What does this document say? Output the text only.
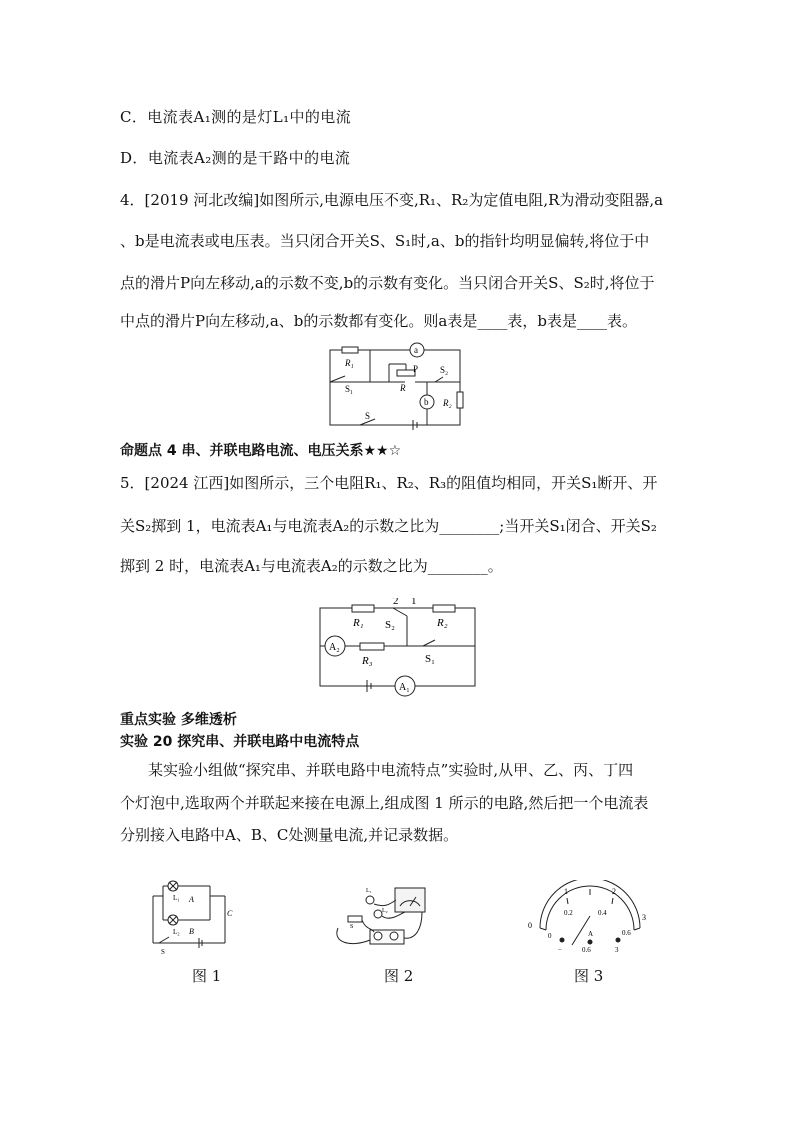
C．电流表A₁测的是灯L₁中的电流
D．电流表A₂测的是干路中的电流
4．[2019 河北改编]如图所示,电源电压不变,R₁、R₂为定值电阻,R为滑动变阻器,a
、b是电流表或电压表。当只闭合开关S、S₁时,a、b的指针均明显偏转,将位于中
点的滑片P向左移动,a的示数不变,b的示数有变化。当只闭合开关S、S₂时,将位于
中点的滑片P向左移动,a、b的示数都有变化。则a表是____表，b表是____表。
R₁
S₁
P
R
S₂
R₂
a
b
S
命题点 4 串、并联电路电流、电压关系★★☆
5．[2024 江西]如图所示，三个电阻R₁、R₂、R₃的阻值均相同，开关S₁断开、开
关S₂掷到 1，电流表A₁与电流表A₂的示数之比为________;当开关S₁闭合、开关S₂
掷到 2 时，电流表A₁与电流表A₂的示数之比为________。
2 1
R₁ S₂	R₂
R₃	S₁
A₂
A₁
重点实验 多维透析
实验 20 探究串、并联电路中电流特点
某实验小组做“探究串、并联电路中电流特点”实验时,从甲、乙、丙、丁四
个灯泡中,选取两个并联起来接在电源上,组成图 1 所示的电路,然后把一个电流表
分别接入电路中A、B、C处测量电流,并记录数据。
A
B
C
L₁
L₂
S
图 1
L₁
L₂
S
图 2
0
1	2
3
0
0.2	0.4
0.6
A
−	0.6	3
图 3
